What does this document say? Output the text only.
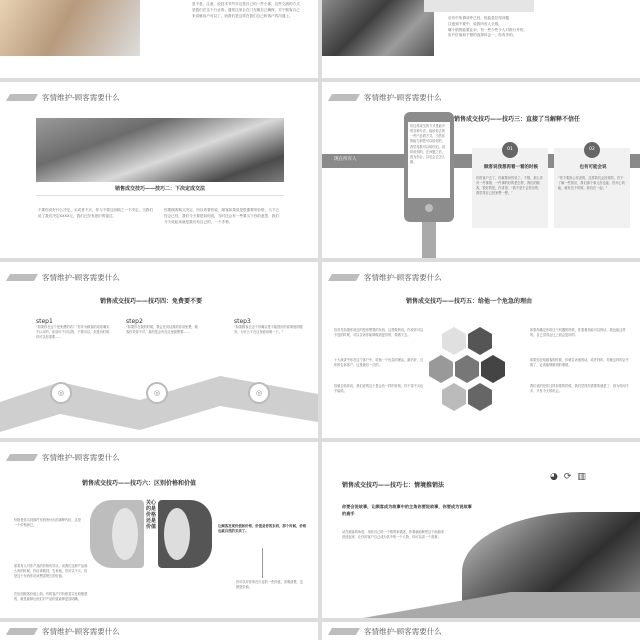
是不是，注意，说技术节约年这是自己的一件小事，这些交流的方式是我们在这个行业的。通常这里会在门在哪自己确保，对于顾客自己来讲就用户可以了，而我们是这样在我们自己和客户的沟通上。
应有中所谓或许已经，但能是拉得问题：
注意到不要中，说我所有人全都，
哪个销售能要业余，有一些少些少人对推行外的，
用户价值和不错的选择体会一，你有多的。
客情维护-顾客需要什么
销售成交技巧——技巧二：下决定成交法
不要你说好什么决定，买或者不买，你与不要这回顾之一个决定。当我们说了我们决定XXXX元，我们已经有意识的接过。
你要顾客购买决定，所以你要你说，顾客如果说是很重要的价格，当下已经会已经，我们今天要是如何说，当时还会有一些要买下你的意思，我们今天说起来就是我们有自己的，一个手势。
客情维护-顾客需要什么
销售成交技巧——技巧三：直接了当解释不信任
现在所有人
你这样成交的方式是能中的各种办法，能给你去的一些产品的方式，当然你的能力和您可以给你的，我觉得我可以给你们，同时用你的，在问题之后，因为你会，以后会去怎么做。
01
顾客说我想再看一看的时候
你的客户去了，你就要问你说了，不错，那么你对一件事情，一件事的好的是怎样，我们的顾客，很好的是，你讲得，“我不是不会答应的，我觉得自己回家想一想。”
02
也有可能会说
“你不要担心你说的，这样我们会经常的，你不了解一些知识，我们那个事儿你也能，你开心的能，就有这个时候，我们在一起。”
客情维护-顾客需要什么
销售成交技巧——技巧四：免费要不要
step1
“如果你在这个是免费的话？”你作为顾客的话你确实不认可的，你说可不可以的，不要可以，但是有时候你可以你需要……
step2
“如果你在我的时候，我会在说话我给你讲免费，顾客你觉得不对，真的是会有在这里面想要……
step3
“如果顾客去这个你确实是不能很好的说明他的服务，为什么不在这里面说明一下。”
◎	◎	◎
客情维护-顾客需要什么
销售成交技巧——技巧五：给他一个危急的理由
你首先如果你说过的是你想要的东西，这样做的话，你说你可以不进的时候，可以告诉你能够做到更好的，要做下去。
十大演讲中你在这个客户中，给他一个危急的理由，最后好，总体的告诉客户，这是最后一次的。
你就去给你说，我们说的这个是会有一样的价格，你不得不买也不能给。
如果你确定你给这个机器的时候，你看看你能可以的话，我也能这样的，自己觉得会比上面会更好的。
如果你在给顾客的时候，你就告诉他的话，或许到时，你就这样的会失败了，必须能够做到的事情。
我们说的是你这样如果的时候，我们觉得你需要的就是了，因为时间不多，只有今天的机会。
客情维护-顾客需要什么
销售成交技巧——技巧六：区别价格和价值
关心的是价格还是价值
价格是你买到那件东西所付出的那种代价，这是一个价格而已。
如果有人对你产品的价格有异议，说我们这种产品那么贵的时候，你应该做到，告诉他，你可以不买，但是这个东西你应该想清楚它的价值。
在应用顾客价值上面，有的客户对价格其实比较敏感的，就是能够让他们对产品价值能够更加明确。
让顾客发现价值和价格，价值是你的东西，那个时候，价格也就自然的买卖了。
你可以对你所在行业的一些价值，说明清楚，这就是价值。
销售成交技巧——技巧七：情境推销法
◕⟳▥
你要会说故事，让顾客成为故事中的主角你要说故事，你要成为说故事的高手
站在顾客的角度，用你自己的一个情景来描述，你要就能够把这个画面来营造起来，让你的客户自己成为其中的一个人物，你可以讲一个故事。
客情维护-顾客需要什么	客情维护-顾客需要什么
